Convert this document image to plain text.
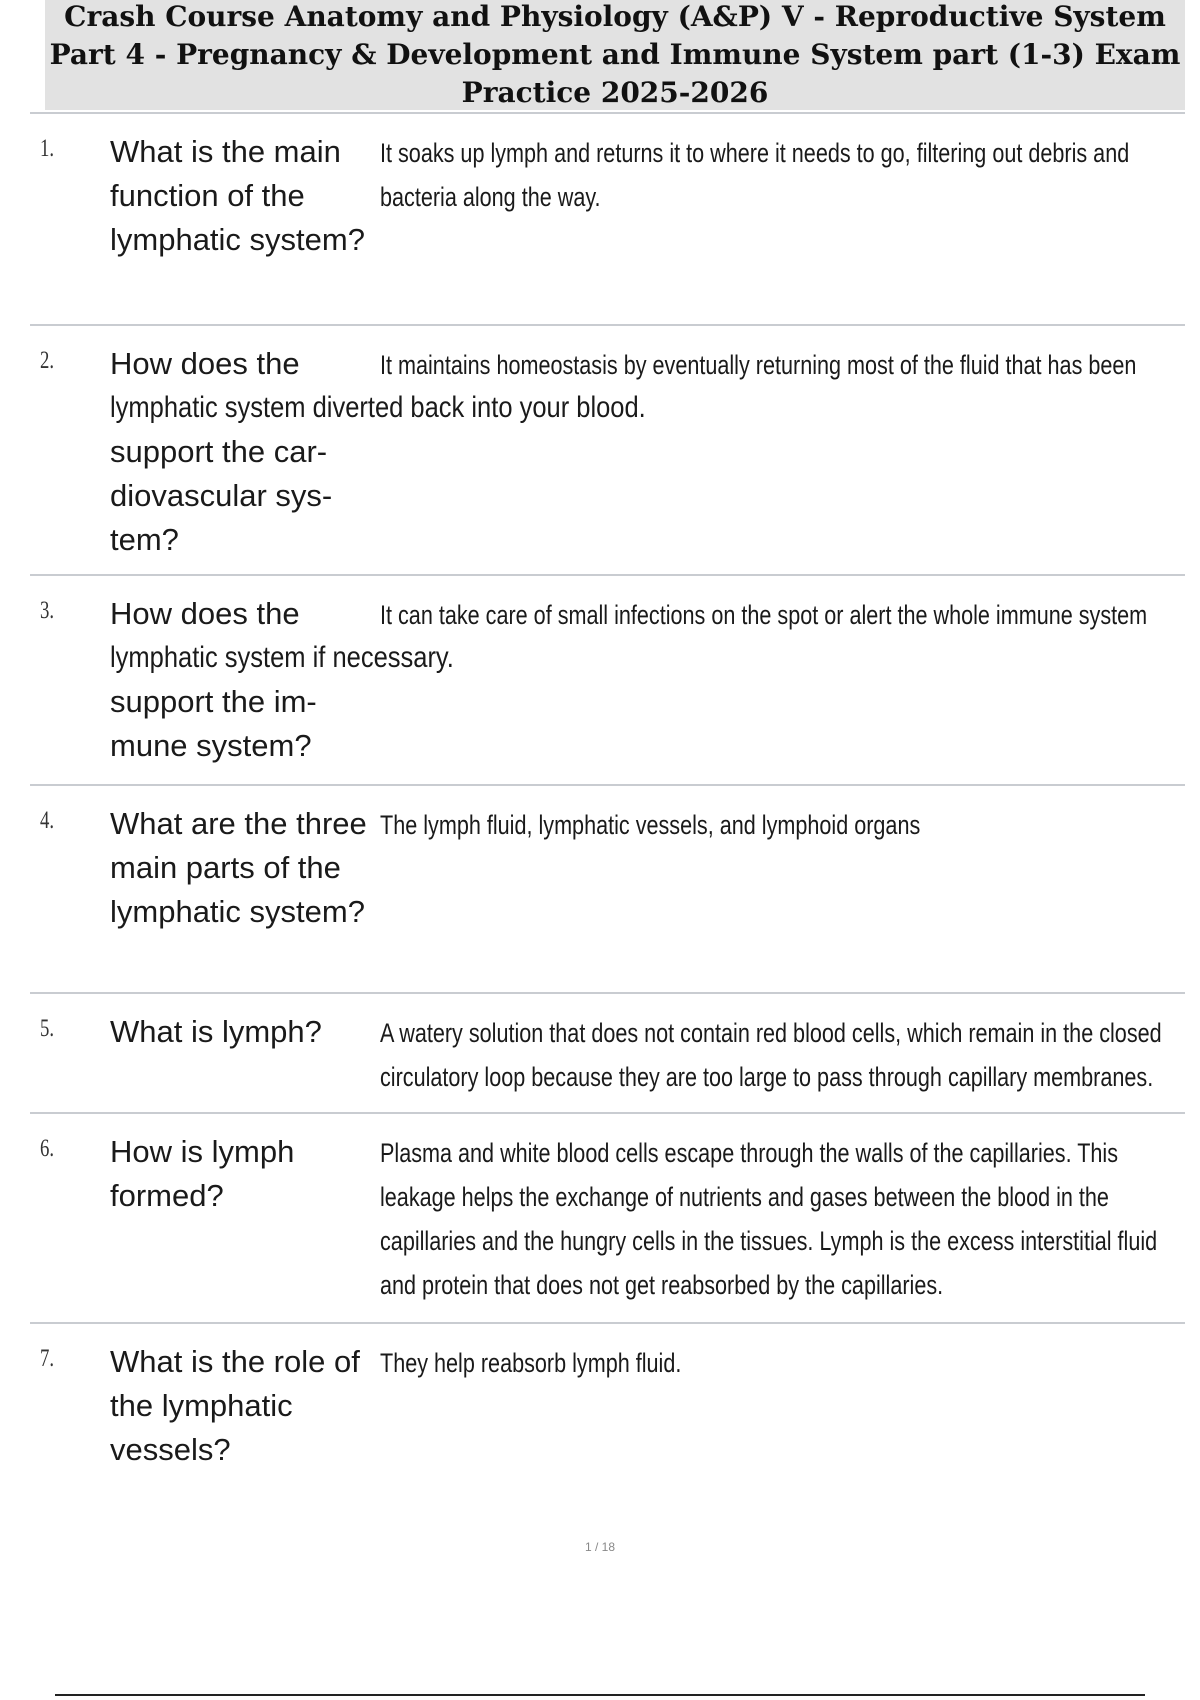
Crash Course Anatomy and Physiology (A&P) V - Reproductive System Part 4 - Pregnancy & Development and Immune System part (1-3) Exam Practice 2025-2026
1. What is the main function of the lymphatic system?
It soaks up lymph and returns it to where it needs to go, filtering out debris and bacteria along the way.
2. How does the
support the car-
diovascular sys-
tem?
It maintains homeostasis by eventually returning most of the fluid that has been
lymphatic system diverted back into your blood.
3. How does the
support the im-
mune system?
It can take care of small infections on the spot or alert the whole immune system
lymphatic system if necessary.
4. What are the three main parts of the lymphatic system?
The lymph fluid, lymphatic vessels, and lymphoid organs
5. What is lymph?	A watery solution that does not contain red blood cells, which remain in the closed circulatory loop because they are too large to pass through capillary membranes.
6. How is lymph formed?
Plasma and white blood cells escape through the walls of the capillaries. This leakage helps the exchange of nutrients and gases between the blood in the capillaries and the hungry cells in the tissues. Lymph is the excess interstitial fluid and protein that does not get reabsorbed by the capillaries.
7. What is the role of the lymphatic vessels?
They help reabsorb lymph fluid.
1 / 18
